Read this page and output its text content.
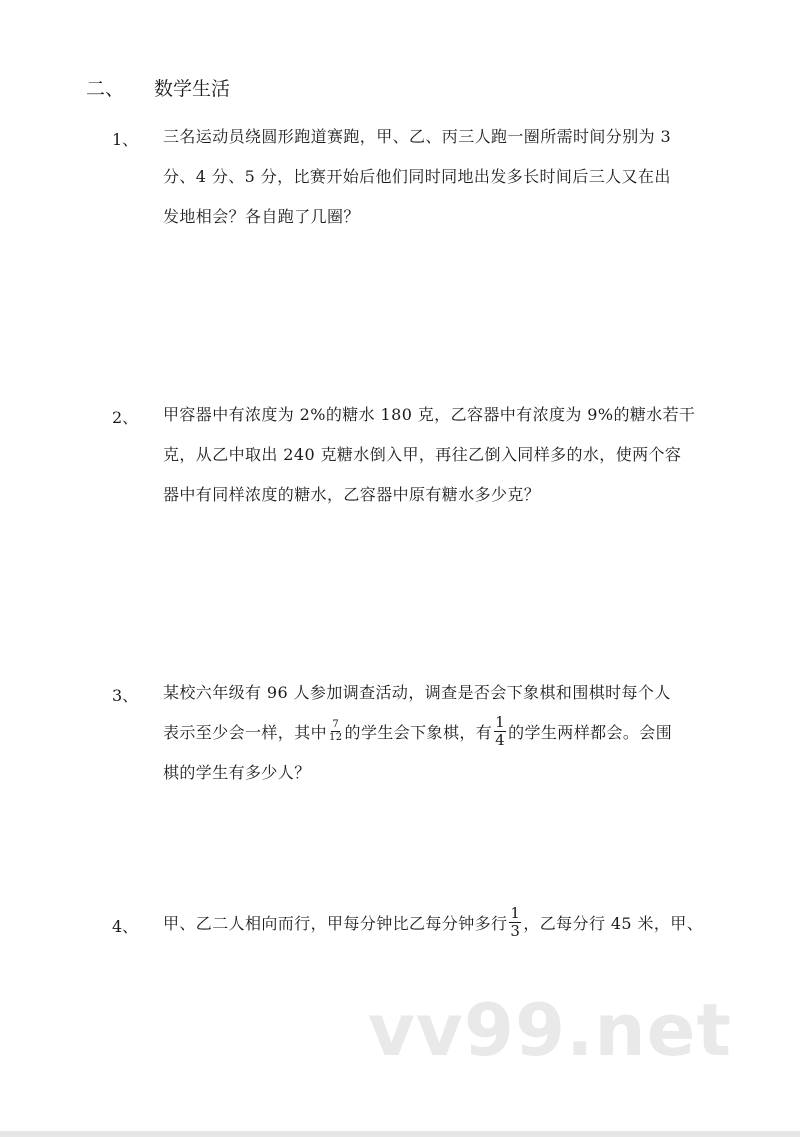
二、 数学生活
1、 三名运动员绕圆形跑道赛跑，甲、乙、丙三人跑一圈所需时间分别为 3
分、4 分、5 分，比赛开始后他们同时同地出发多长时间后三人又在出
发地相会？各自跑了几圈？
2、 甲容器中有浓度为 2%的糖水 180 克，乙容器中有浓度为 9%的糖水若干
克，从乙中取出 240 克糖水倒入甲，再往乙倒入同样多的水，使两个容
器中有同样浓度的糖水，乙容器中原有糖水多少克？
3、 某校六年级有 96 人参加调查活动，调查是否会下象棋和围棋时每个人
表示至少会一样，其中 $\frac{7}{12}$ 的学生会下象棋，有 $\frac{1}{4}$ 的学生两样都会。会围
棋的学生有多少人？
4、 甲、乙二人相向而行，甲每分钟比乙每分钟多行 $\frac{1}{3}$ ，乙每分行 45 米，甲、
vv99.net
